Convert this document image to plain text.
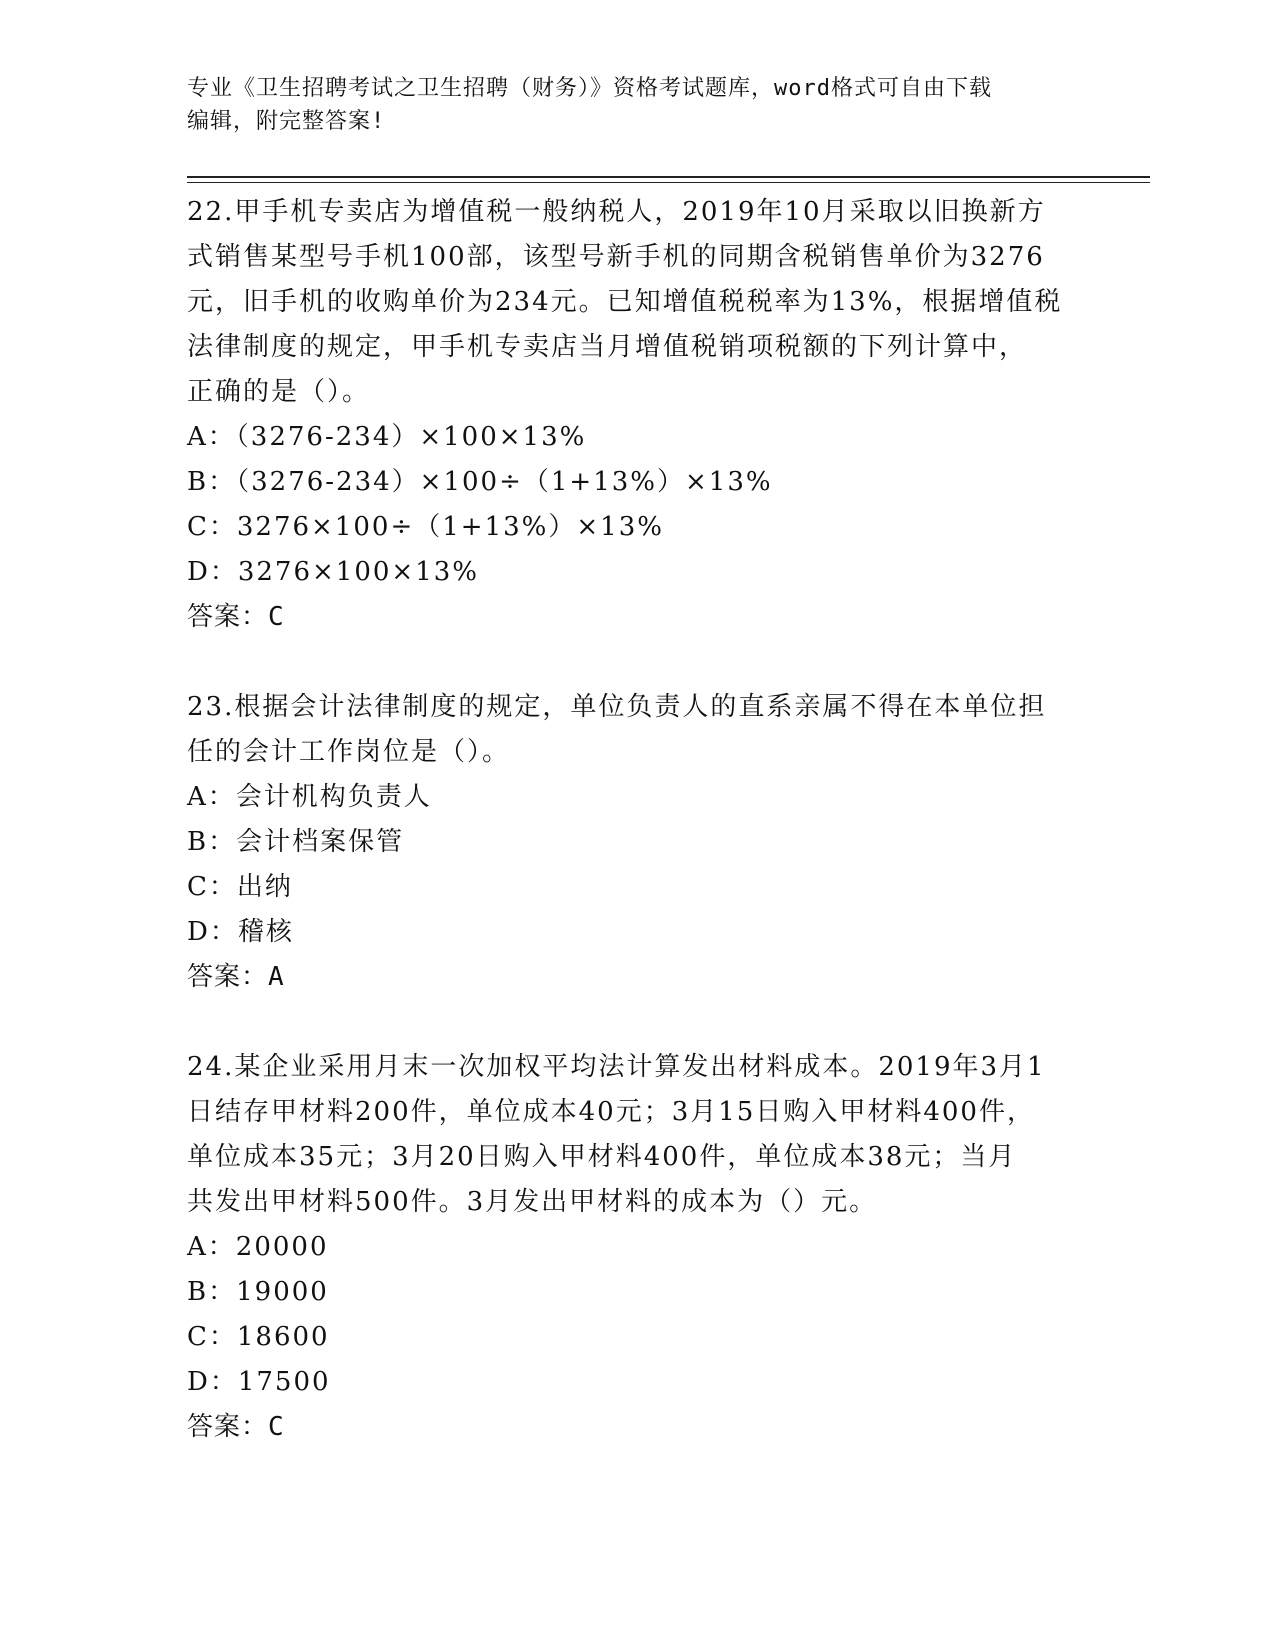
专业《卫生招聘考试之卫生招聘（财务）》资格考试题库，word格式可自由下载
编辑，附完整答案!

22.甲手机专卖店为增值税一般纳税人，2019年10月采取以旧换新方

式销售某型号手机100部，该型号新手机的同期含税销售单价为3276

元，旧手机的收购单价为234元。已知增值税税率为13%，根据增值税

法律制度的规定，甲手机专卖店当月增值税销项税额的下列计算中，

正确的是（）。

A：（3276-234）×100×13%

B：（3276-234）×100÷（1+13%）×13%

C：3276×100÷（1+13%）×13%

D：3276×100×13%

答案：C

23.根据会计法律制度的规定，单位负责人的直系亲属不得在本单位担

任的会计工作岗位是（）。

A：会计机构负责人

B：会计档案保管

C：出纳

D：稽核

答案：A

24.某企业采用月末一次加权平均法计算发出材料成本。2019年3月1

日结存甲材料200件，单位成本40元；3月15日购入甲材料400件，

单位成本35元；3月20日购入甲材料400件，单位成本38元；当月

共发出甲材料500件。3月发出甲材料的成本为（）元。

A：20000

B：19000

C：18600

D：17500

答案：C
